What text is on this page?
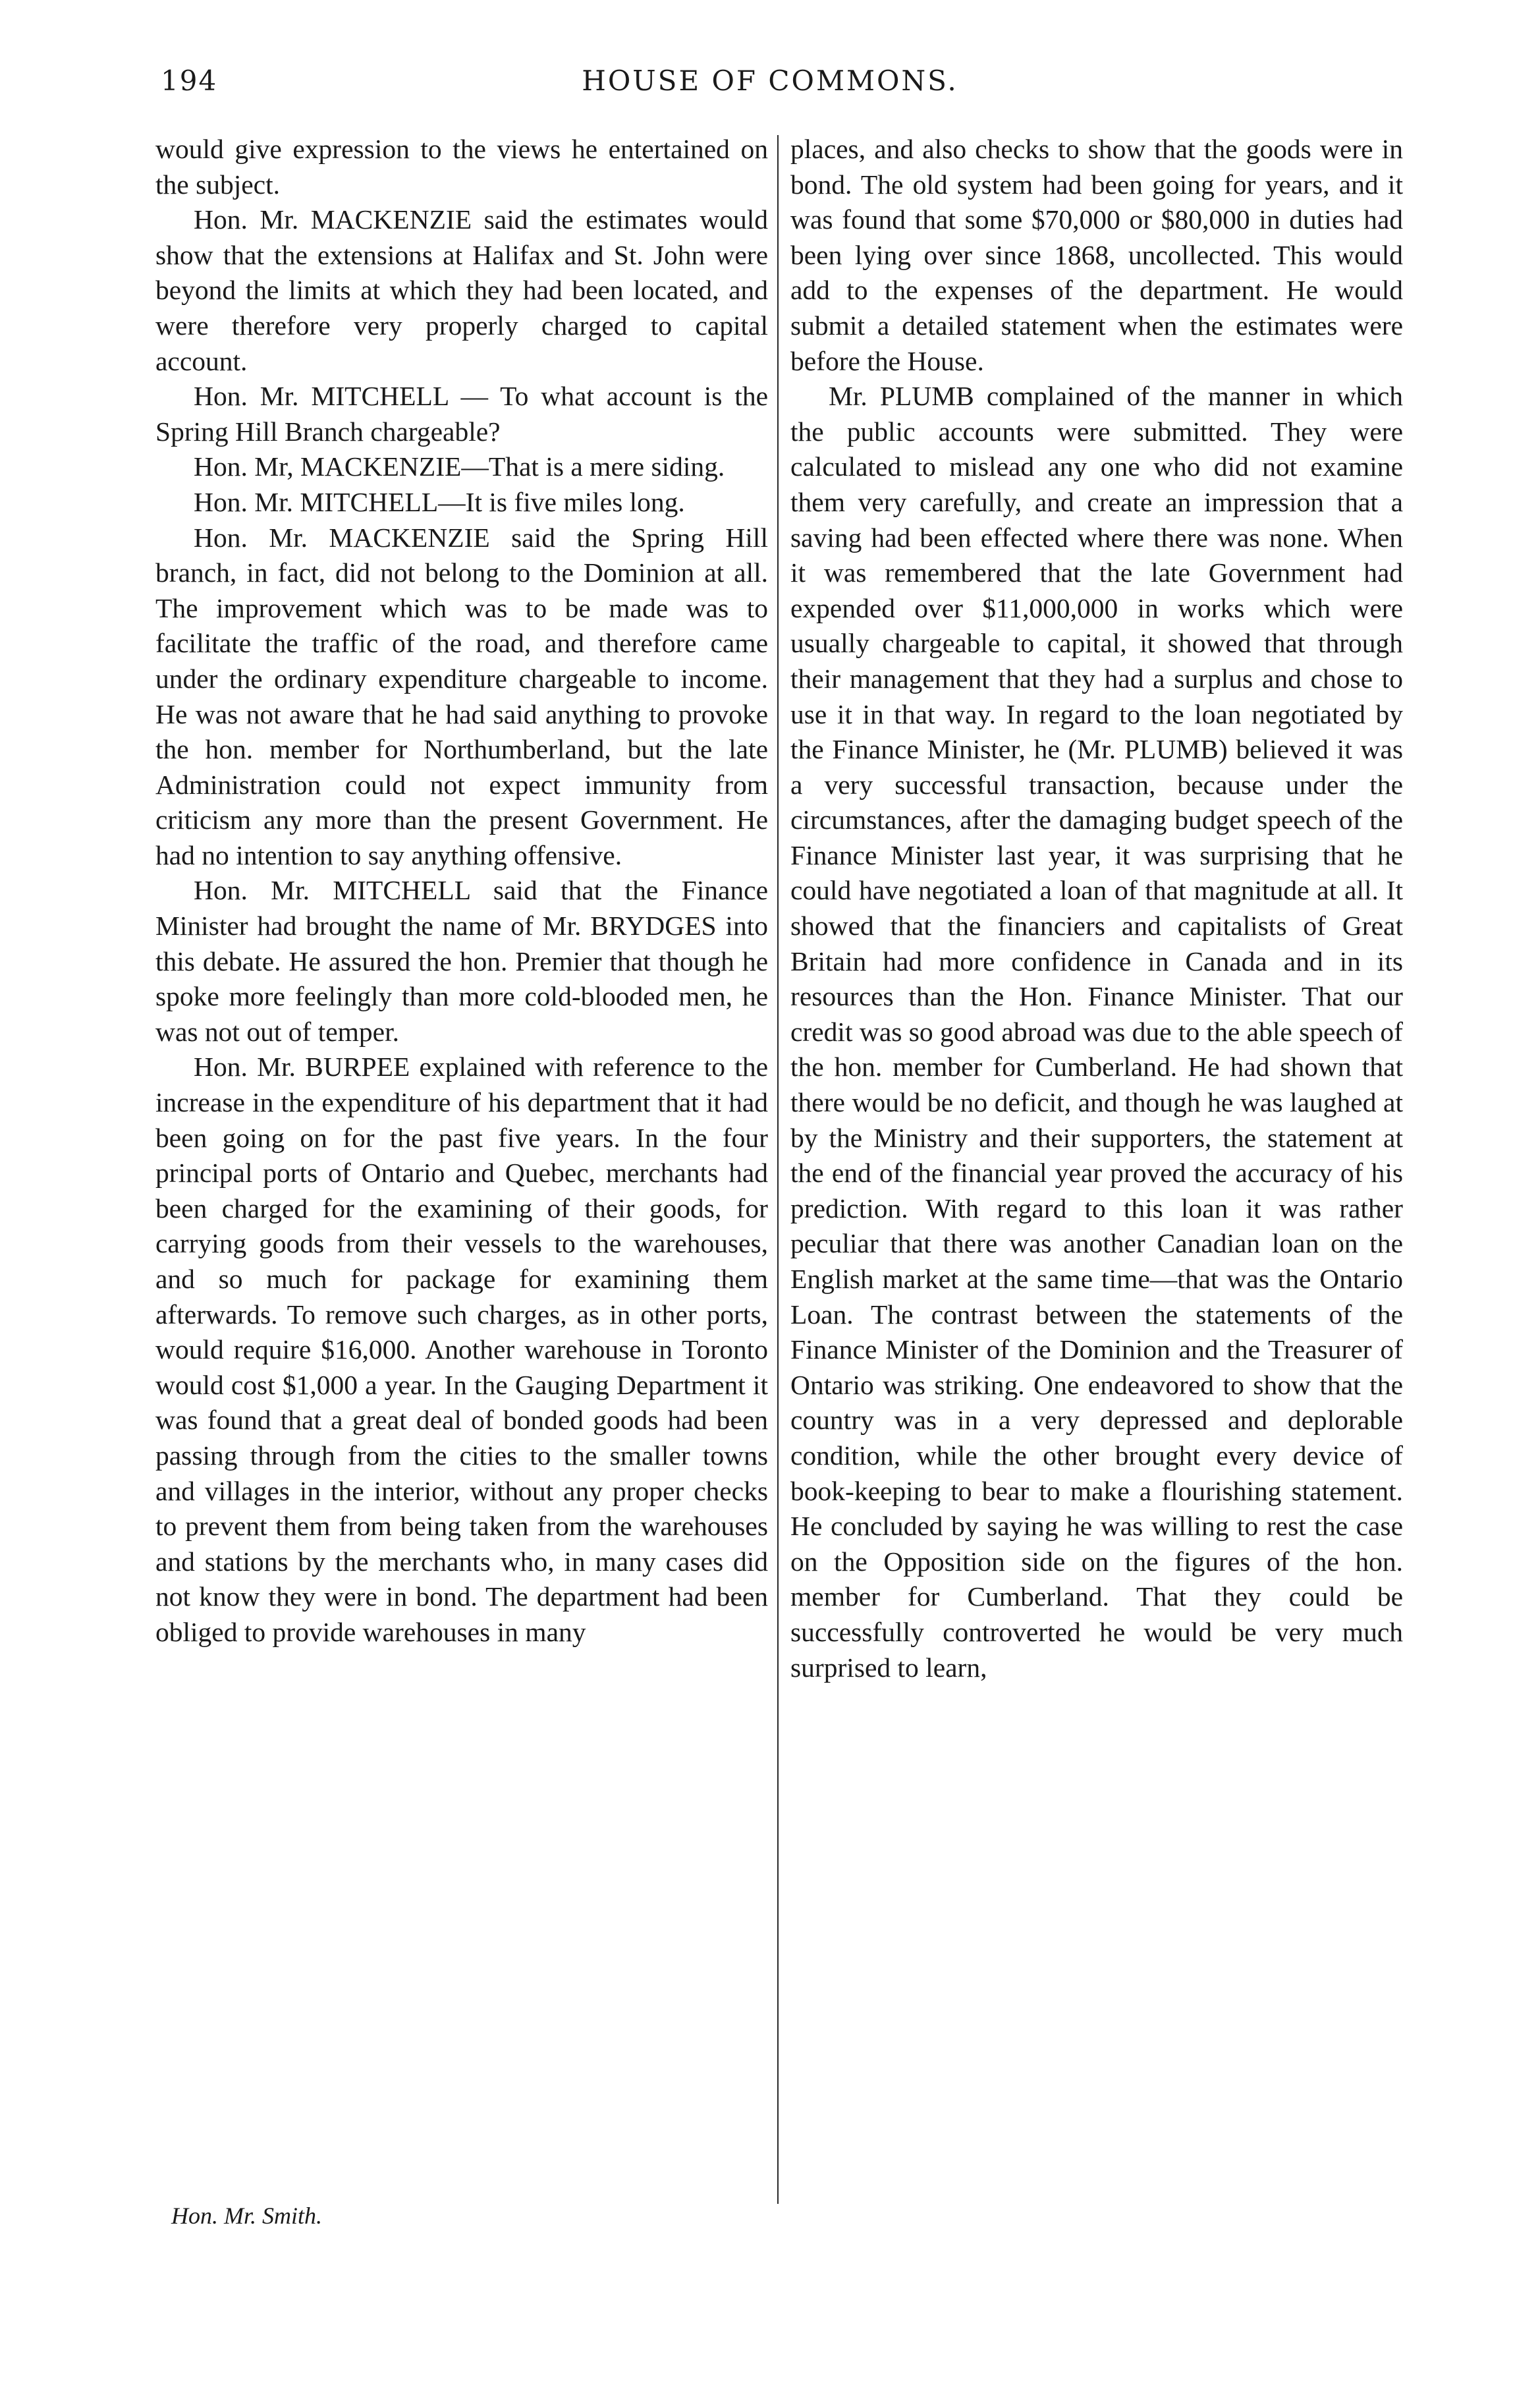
194	HOUSE OF COMMONS.

would give expression to the views he entertained on the subject.

Hon. Mr. MACKENZIE said the estimates would show that the extensions at Halifax and St. John were beyond the limits at which they had been located, and were therefore very properly charged to capital account.

Hon. Mr. MITCHELL — To what account is the Spring Hill Branch chargeable?

Hon. Mr, MACKENZIE—That is a mere siding.

Hon. Mr. MITCHELL—It is five miles long.

Hon. Mr. MACKENZIE said the Spring Hill branch, in fact, did not belong to the Dominion at all. The improvement which was to be made was to facilitate the traffic of the road, and therefore came under the ordinary expenditure chargeable to income. He was not aware that he had said anything to provoke the hon. member for Northumberland, but the late Administration could not expect immunity from criticism any more than the present Government. He had no intention to say anything offensive.

Hon. Mr. MITCHELL said that the Finance Minister had brought the name of Mr. BRYDGES into this debate. He assured the hon. Premier that though he spoke more feelingly than more cold-blooded men, he was not out of temper.

Hon. Mr. BURPEE explained with reference to the increase in the expenditure of his department that it had been going on for the past five years. In the four principal ports of Ontario and Quebec, merchants had been charged for the examining of their goods, for carrying goods from their vessels to the warehouses, and so much for package for examining them afterwards. To remove such charges, as in other ports, would require $16,000. Another warehouse in Toronto would cost $1,000 a year. In the Gauging Department it was found that a great deal of bonded goods had been passing through from the cities to the smaller towns and villages in the interior, without any proper checks to prevent them from being taken from the warehouses and stations by the merchants who, in many cases did not know they were in bond. The department had been obliged to provide warehouses in many

places, and also checks to show that the goods were in bond. The old system had been going for years, and it was found that some $70,000 or $80,000 in duties had been lying over since 1868, uncollected. This would add to the expenses of the department. He would submit a detailed statement when the estimates were before the House.

Mr. PLUMB complained of the manner in which the public accounts were submitted. They were calculated to mislead any one who did not examine them very carefully, and create an impression that a saving had been effected where there was none. When it was remembered that the late Government had expended over $11,000,000 in works which were usually chargeable to capital, it showed that through their management that they had a surplus and chose to use it in that way. In regard to the loan negotiated by the Finance Minister, he (Mr. PLUMB) believed it was a very successful transaction, because under the circumstances, after the damaging budget speech of the Finance Minister last year, it was surprising that he could have negotiated a loan of that magnitude at all. It showed that the financiers and capitalists of Great Britain had more confidence in Canada and in its resources than the Hon. Finance Minister. That our credit was so good abroad was due to the able speech of the hon. member for Cumberland. He had shown that there would be no deficit, and though he was laughed at by the Ministry and their supporters, the statement at the end of the financial year proved the accuracy of his prediction. With regard to this loan it was rather peculiar that there was another Canadian loan on the English market at the same time—that was the Ontario Loan. The contrast between the statements of the Finance Minister of the Dominion and the Treasurer of Ontario was striking. One endeavored to show that the country was in a very depressed and deplorable condition, while the other brought every device of book-keeping to bear to make a flourishing statement. He concluded by saying he was willing to rest the case on the Opposition side on the figures of the hon. member for Cumberland. That they could be successfully controverted he would be very much surprised to learn,

Hon. Mr. Smith.
